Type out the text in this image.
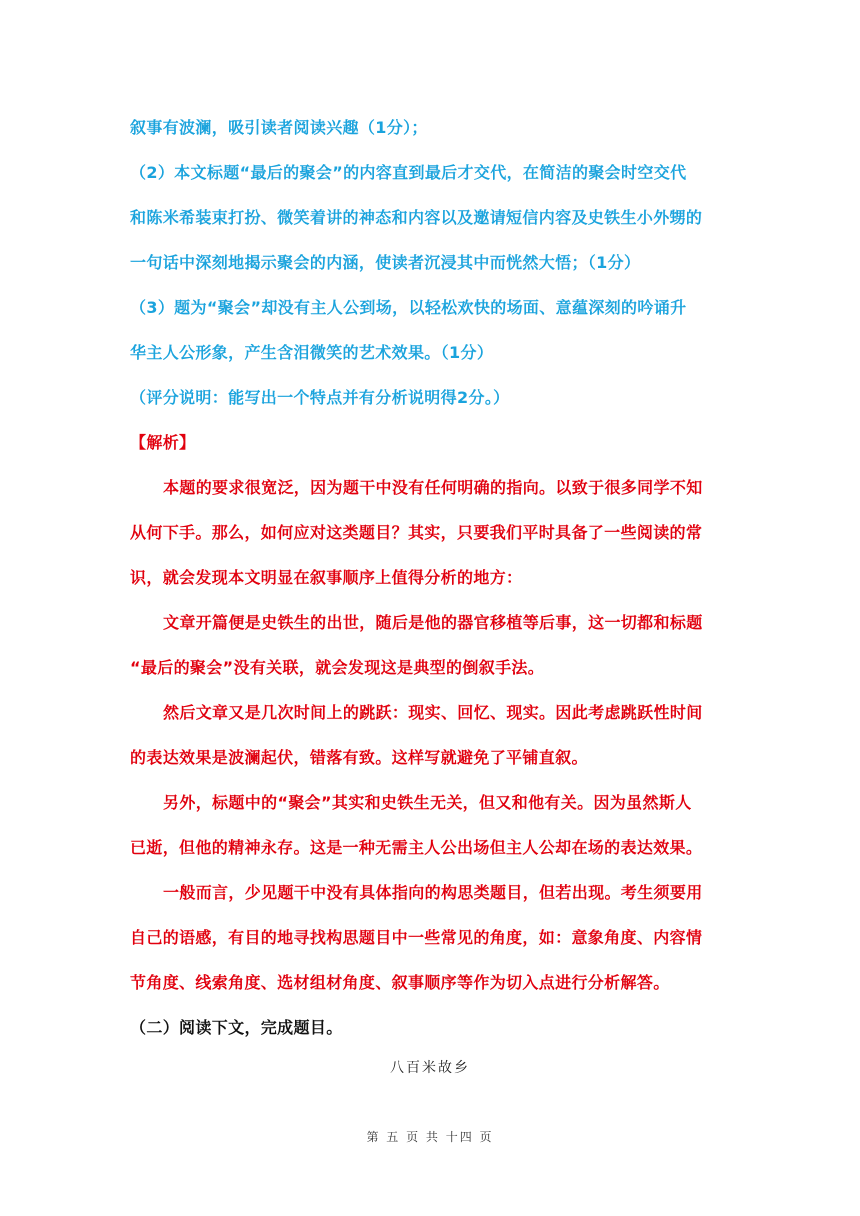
叙事有波澜，吸引读者阅读兴趣（1分）；
（2）本文标题“最后的聚会”的内容直到最后才交代，在简洁的聚会时空交代
和陈米希装束打扮、微笑着讲的神态和内容以及邀请短信内容及史铁生小外甥的
一句话中深刻地揭示聚会的内涵，使读者沉浸其中而恍然大悟；（1分）
（3）题为“聚会”却没有主人公到场，以轻松欢快的场面、意蕴深刻的吟诵升
华主人公形象，产生含泪微笑的艺术效果。（1分）
（评分说明：能写出一个特点并有分析说明得2分。）
【解析】
本题的要求很宽泛，因为题干中没有任何明确的指向。以致于很多同学不知
从何下手。那么，如何应对这类题目？其实，只要我们平时具备了一些阅读的常
识，就会发现本文明显在叙事顺序上值得分析的地方：
文章开篇便是史铁生的出世，随后是他的器官移植等后事，这一切都和标题
“最后的聚会”没有关联，就会发现这是典型的倒叙手法。
然后文章又是几次时间上的跳跃：现实、回忆、现实。因此考虑跳跃性时间
的表达效果是波澜起伏，错落有致。这样写就避免了平铺直叙。
另外，标题中的“聚会”其实和史铁生无关，但又和他有关。因为虽然斯人
已逝，但他的精神永存。这是一种无需主人公出场但主人公却在场的表达效果。
一般而言，少见题干中没有具体指向的构思类题目，但若出现。考生须要用
自己的语感，有目的地寻找构思题目中一些常见的角度，如：意象角度、内容情
节角度、线索角度、选材组材角度、叙事顺序等作为切入点进行分析解答。
（二）阅读下文，完成题目。
八百米故乡
第 五 页 共 十四 页
